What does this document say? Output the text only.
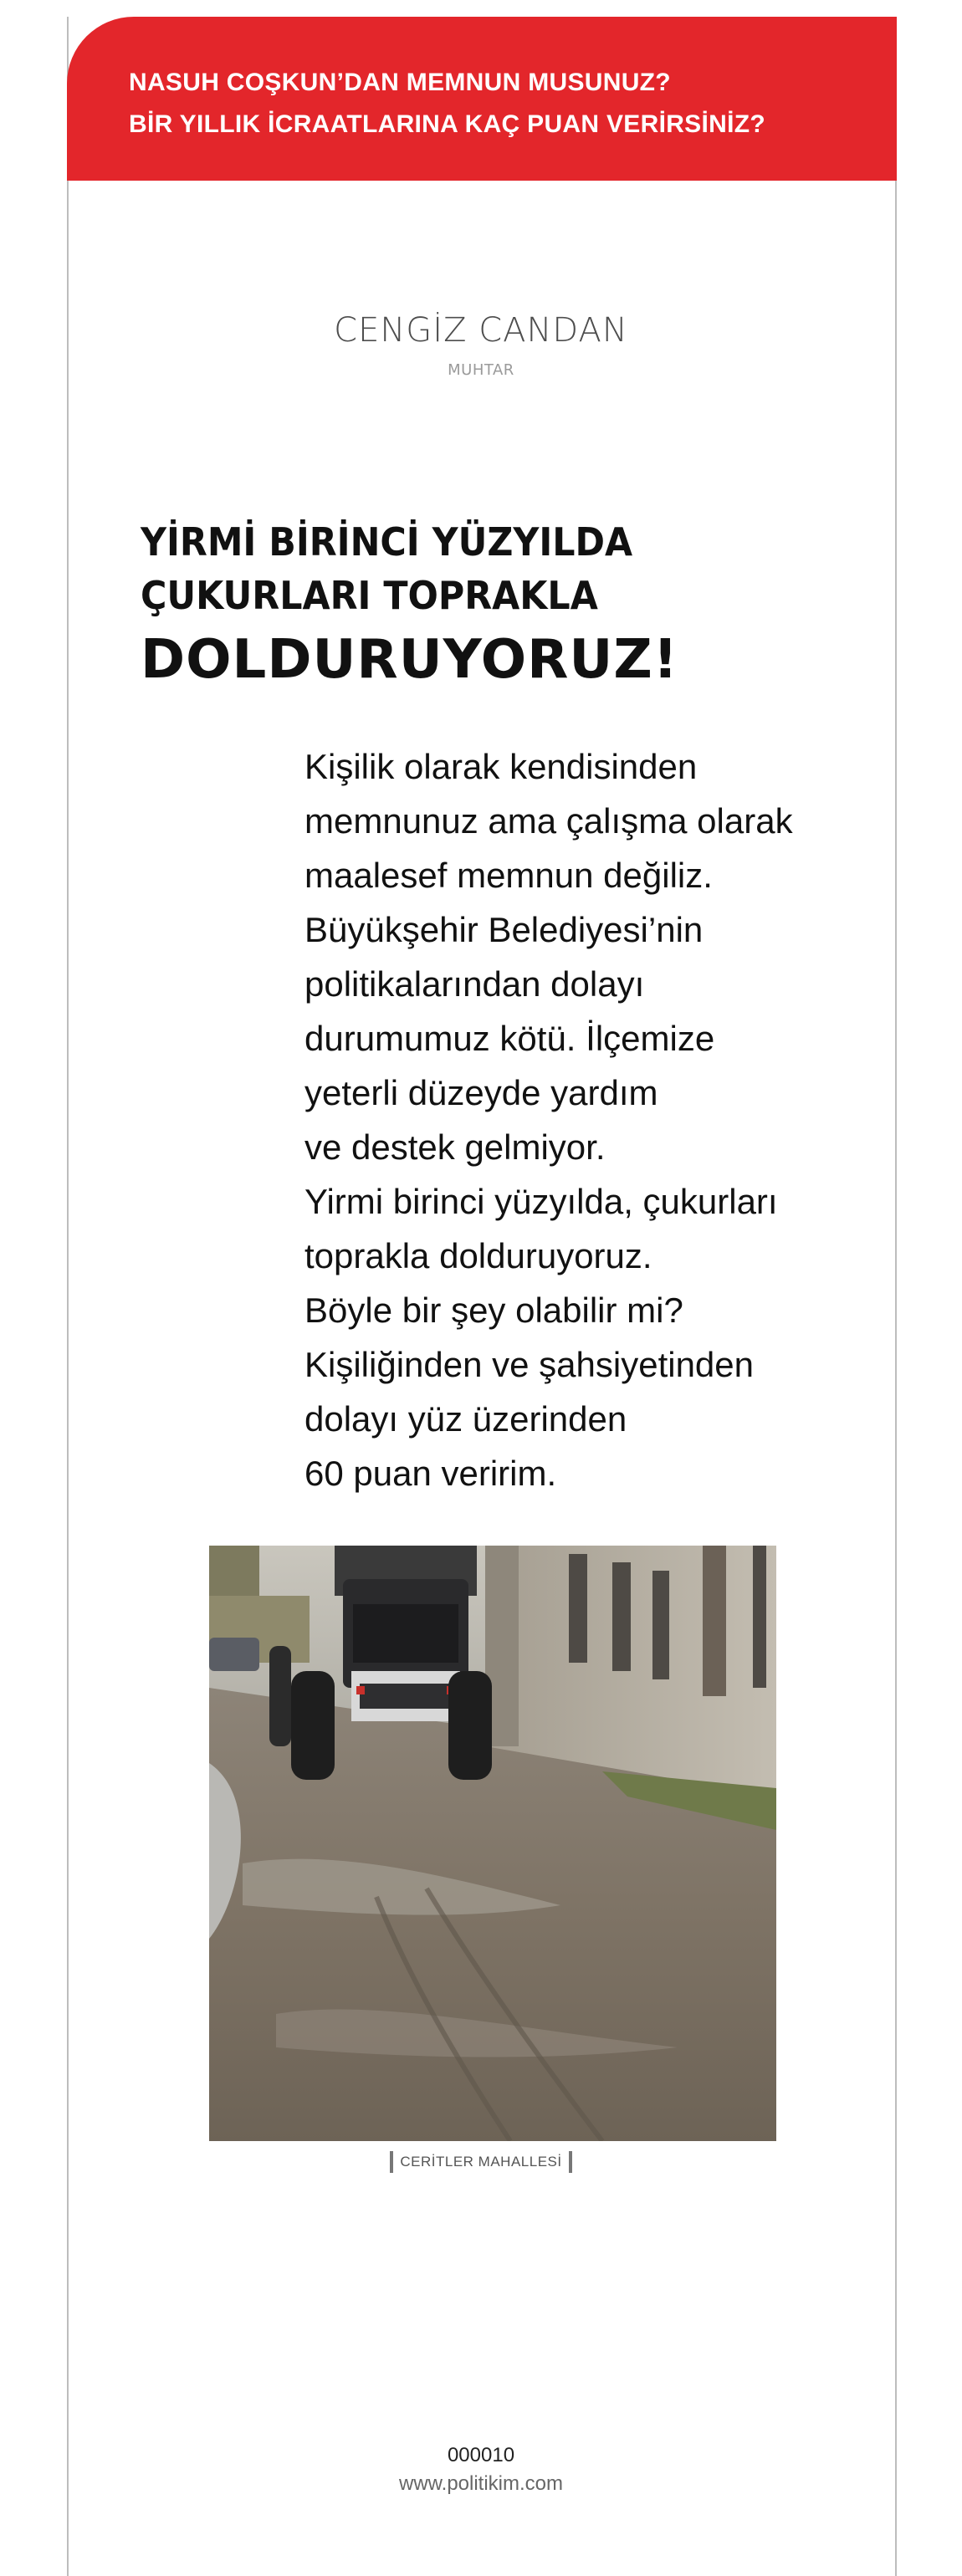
NASUH COŞKUN’DAN MEMNUN MUSUNUZ?
BİR YILLIK İCRAATLARINA KAÇ PUAN VERİRSİNİZ?
CENGİZ CANDAN
MUHTAR
YİRMİ BİRİNCİ YÜZYILDA
ÇUKURLARI TOPRAKLA
DOLDURUYORUZ!
Kişilik olarak kendisinden
memnunuz ama çalışma olarak
maalesef memnun değiliz.
Büyükşehir Belediyesi’nin
politikalarından dolayı
durumumuz kötü. İlçemize
yeterli düzeyde yardım
ve destek gelmiyor.
Yirmi birinci yüzyılda, çukurları
toprakla dolduruyoruz.
Böyle bir şey olabilir mi?
Kişiliğinden ve şahsiyetinden
dolayı yüz üzerinden
60 puan veririm.
CERİTLER MAHALLESİ
000010
www.politikim.com
